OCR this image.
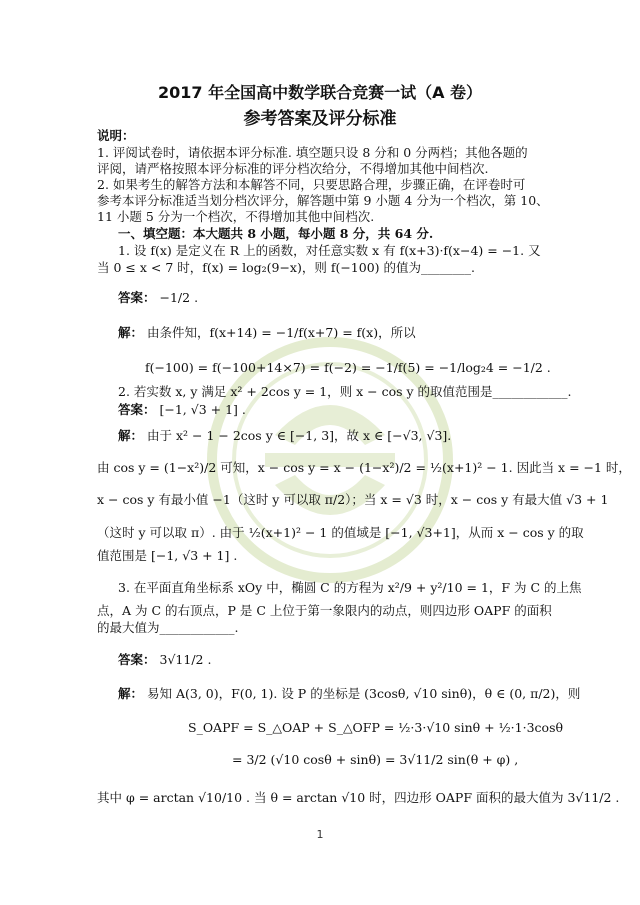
2017 年全国高中数学联合竞赛一试（A 卷）
参考答案及评分标准
说明：
1. 评阅试卷时，请依据本评分标准. 填空题只设 8 分和 0 分两档；其他各题的
评阅，请严格按照本评分标准的评分档次给分，不得增加其他中间档次.
2. 如果考生的解答方法和本解答不同，只要思路合理，步骤正确，在评卷时可
参考本评分标准适当划分档次评分，解答题中第 9 小题 4 分为一个档次，第 10、
11 小题 5 分为一个档次，不得增加其他中间档次.
一、填空题：本大题共 8 小题，每小题 8 分，共 64 分.
1. 设 f(x) 是定义在 R 上的函数，对任意实数 x 有 f(x+3)·f(x−4) = −1. 又
当 0 ≤ x < 7 时，f(x) = log₂(9−x)，则 f(−100) 的值为________.
答案： −1/2 .
解： 由条件知，f(x+14) = −1/f(x+7) = f(x)，所以
f(−100) = f(−100+14×7) = f(−2) = −1/f(5) = −1/log₂4 = −1/2 .
2. 若实数 x, y 满足 x² + 2cos y = 1，则 x − cos y 的取值范围是____________.
答案： [−1, √3 + 1] .
解： 由于 x² − 1 − 2cos y ∈ [−1, 3]，故 x ∈ [−√3, √3].
由 cos y = (1−x²)/2 可知，x − cos y = x − (1−x²)/2 = ½(x+1)² − 1. 因此当 x = −1 时，
x − cos y 有最小值 −1（这时 y 可以取 π/2）；当 x = √3 时，x − cos y 有最大值 √3 + 1
（这时 y 可以取 π）. 由于 ½(x+1)² − 1 的值域是 [−1, √3+1]，从而 x − cos y 的取
值范围是 [−1, √3 + 1] .
3. 在平面直角坐标系 xOy 中，椭圆 C 的方程为 x²/9 + y²/10 = 1，F 为 C 的上焦
点，A 为 C 的右顶点，P 是 C 上位于第一象限内的动点，则四边形 OAPF 的面积
的最大值为____________.
答案： 3√11/2 .
解： 易知 A(3, 0)，F(0, 1). 设 P 的坐标是 (3cosθ, √10 sinθ)，θ ∈ (0, π/2)，则
S_OAPF = S_△OAP + S_△OFP = ½·3·√10 sinθ + ½·1·3cosθ
= 3/2 (√10 cosθ + sinθ) = 3√11/2 sin(θ + φ) ,
其中 φ = arctan √10/10 . 当 θ = arctan √10 时，四边形 OAPF 面积的最大值为 3√11/2 .
1
